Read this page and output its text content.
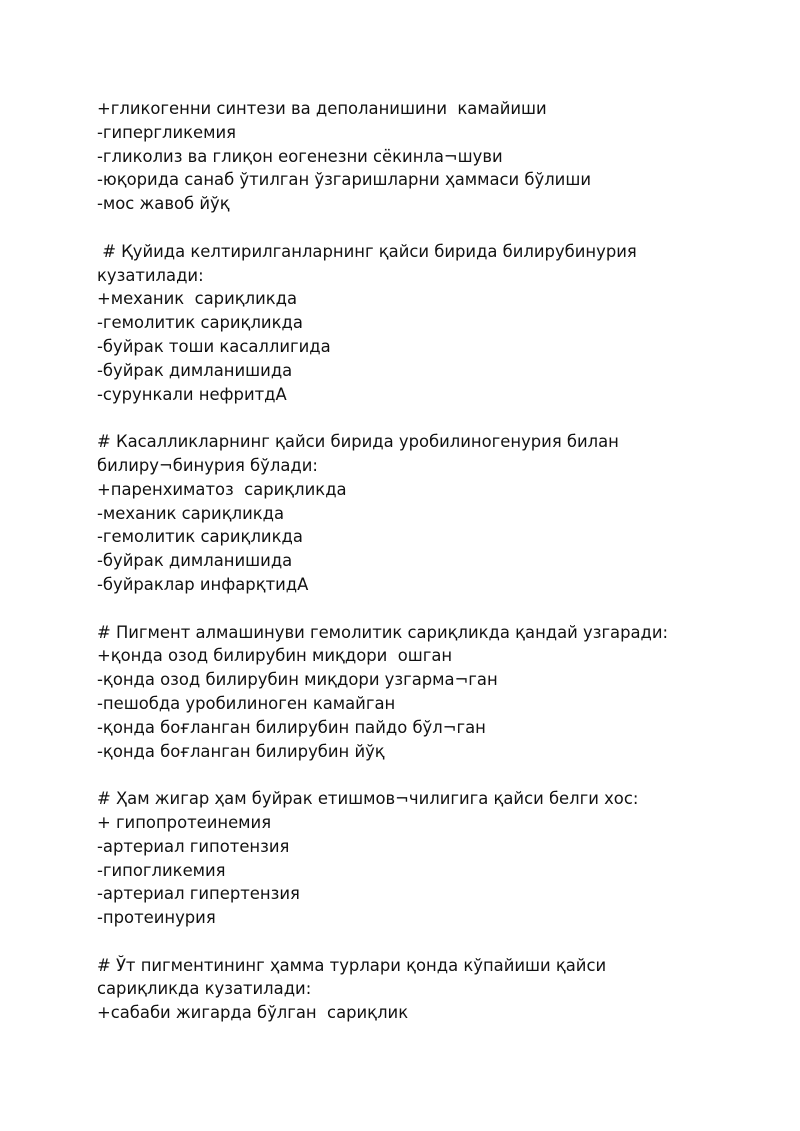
+гликогенни синтези ва деполанишини  камайиши
-гипергликемия
-гликолиз ва глиқон еогенезни сёкинла¬шуви
-юқорида санаб ўтилган ўзгаришларни ҳаммаси бўлиши
-мос жавоб йўқ
# Қуйида келтирилганларнинг қайси бирида билирубинурия
кузатилади:
+механик  сариқликда
-гемолитик сариқликда
-буйрак тоши касаллигида
-буйрак димланишида
-сурункали нефритдА
# Касалликларнинг қайси бирида уробилиногенурия билан
билиру¬бинурия бўлади:
+паренхиматоз  сариқликда
-механик сариқликда
-гемолитик сариқликда
-буйрак димланишида
-буйраклар инфарқтидА
# Пигмент алмашинуви гемолитик сариқликда қандай узгаради:
+қонда озод билирубин миқдори  ошган
-қонда озод билирубин миқдори узгарма¬ган
-пешобда уробилиноген камайган
-қонда боғланган билирубин пайдо бўл¬ган
-қонда боғланган билирубин йўқ
# Ҳам жигар ҳам буйрак етишмов¬чилигига қайси белги хос:
+ гипопротеинемия
-артериал гипотензия
-гипогликемия
-артериал гипертензия
-протеинурия
# Ўт пигментининг ҳамма турлари қонда кўпайиши қайси
сариқликда кузатилади:
+сабаби жигарда бўлган  сариқлик
